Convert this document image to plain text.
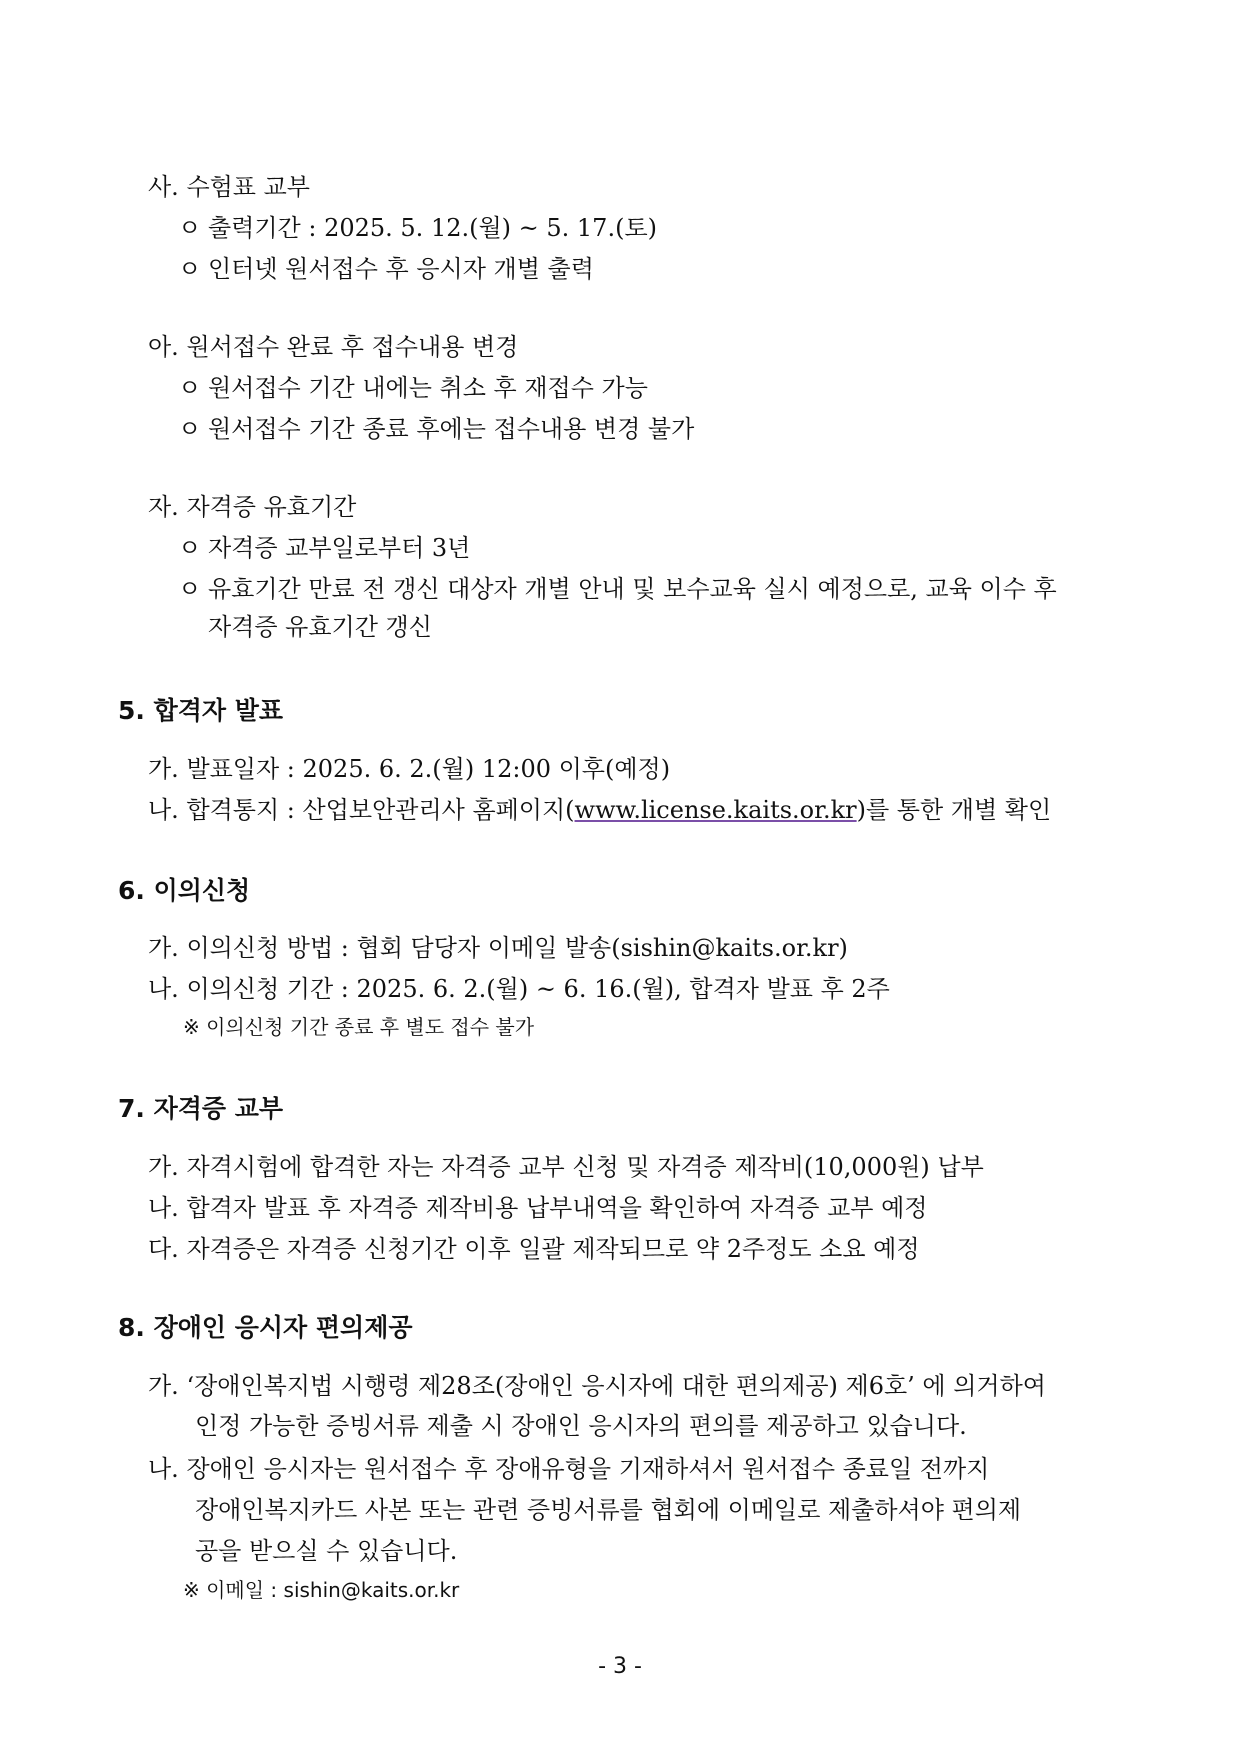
사. 수험표 교부
ㅇ 출력기간 : 2025. 5. 12.(월) ~ 5. 17.(토)
ㅇ 인터넷 원서접수 후 응시자 개별 출력
아. 원서접수 완료 후 접수내용 변경
ㅇ 원서접수 기간 내에는 취소 후 재접수 가능
ㅇ 원서접수 기간 종료 후에는 접수내용 변경 불가
자. 자격증 유효기간
ㅇ 자격증 교부일로부터 3년
ㅇ 유효기간 만료 전 갱신 대상자 개별 안내 및 보수교육 실시 예정으로, 교육 이수 후
자격증 유효기간 갱신
5. 합격자 발표
가. 발표일자 : 2025. 6. 2.(월) 12:00 이후(예정)
나. 합격통지 : 산업보안관리사 홈페이지(www.license.kaits.or.kr)를 통한 개별 확인
6. 이의신청
가. 이의신청 방법 : 협회 담당자 이메일 발송(sishin@kaits.or.kr)
나. 이의신청 기간 : 2025. 6. 2.(월) ~ 6. 16.(월), 합격자 발표 후 2주
※ 이의신청 기간 종료 후 별도 접수 불가
7. 자격증 교부
가. 자격시험에 합격한 자는 자격증 교부 신청 및 자격증 제작비(10,000원) 납부
나. 합격자 발표 후 자격증 제작비용 납부내역을 확인하여 자격증 교부 예정
다. 자격증은 자격증 신청기간 이후 일괄 제작되므로 약 2주정도 소요 예정
8. 장애인 응시자 편의제공
가. ‘장애인복지법 시행령 제28조(장애인 응시자에 대한 편의제공) 제6호’ 에 의거하여
인정 가능한 증빙서류 제출 시 장애인 응시자의 편의를 제공하고 있습니다.
나. 장애인 응시자는 원서접수 후 장애유형을 기재하셔서 원서접수 종료일 전까지
장애인복지카드 사본 또는 관련 증빙서류를 협회에 이메일로 제출하셔야 편의제
공을 받으실 수 있습니다.
※ 이메일 : sishin@kaits.or.kr
- 3 -
